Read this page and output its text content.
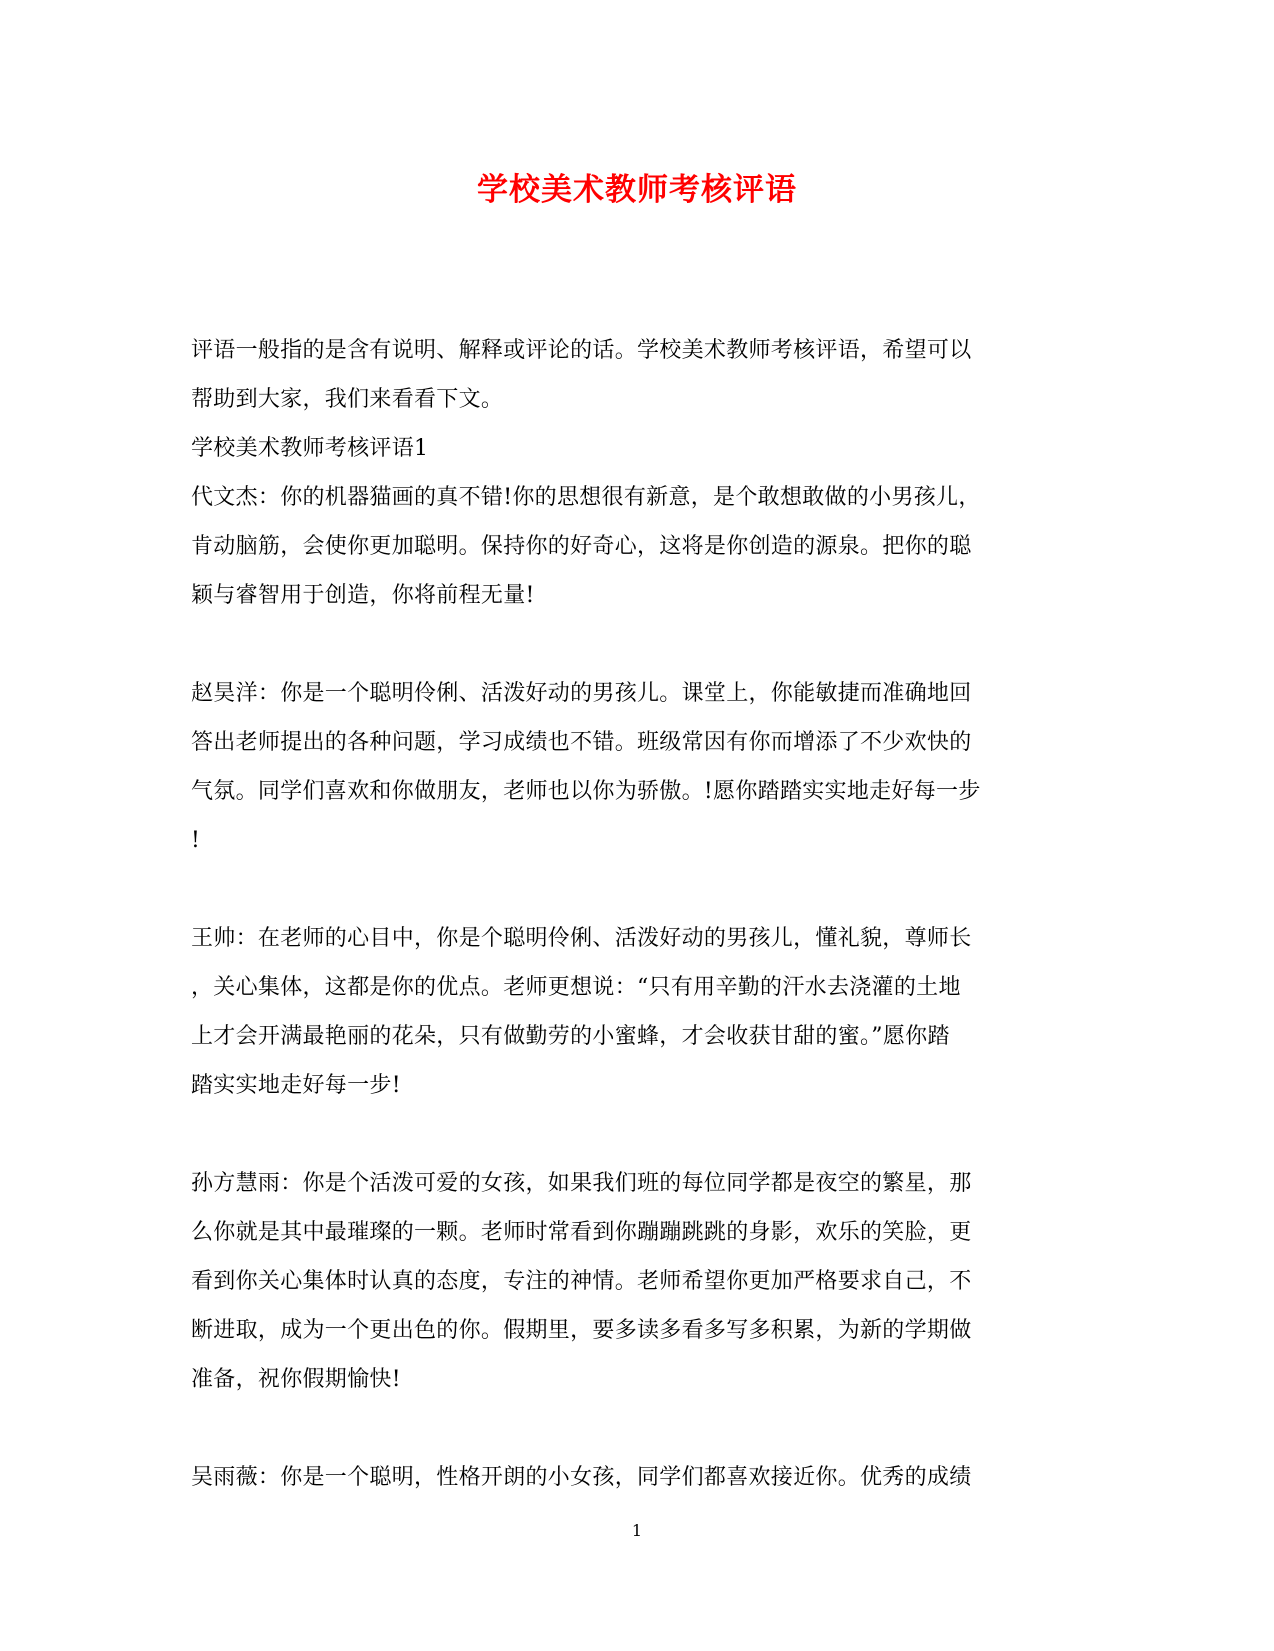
学校美术教师考核评语
评语一般指的是含有说明、解释或评论的话。学校美术教师考核评语，希望可以
帮助到大家，我们来看看下文。
学校美术教师考核评语1
代文杰：你的机器猫画的真不错!你的思想很有新意，是个敢想敢做的小男孩儿，
肯动脑筋，会使你更加聪明。保持你的好奇心，这将是你创造的源泉。把你的聪
颖与睿智用于创造，你将前程无量!
赵昊洋：你是一个聪明伶俐、活泼好动的男孩儿。课堂上，你能敏捷而准确地回
答出老师提出的各种问题，学习成绩也不错。班级常因有你而增添了不少欢快的
气氛。同学们喜欢和你做朋友，老师也以你为骄傲。!愿你踏踏实实地走好每一步
!
王帅：在老师的心目中，你是个聪明伶俐、活泼好动的男孩儿，懂礼貌，尊师长
，关心集体，这都是你的优点。老师更想说：“只有用辛勤的汗水去浇灌的土地
上才会开满最艳丽的花朵，只有做勤劳的小蜜蜂，才会收获甘甜的蜜。”愿你踏
踏实实地走好每一步!
孙方慧雨：你是个活泼可爱的女孩，如果我们班的每位同学都是夜空的繁星，那
么你就是其中最璀璨的一颗。老师时常看到你蹦蹦跳跳的身影，欢乐的笑脸，更
看到你关心集体时认真的态度，专注的神情。老师希望你更加严格要求自己，不
断进取，成为一个更出色的你。假期里，要多读多看多写多积累，为新的学期做
准备，祝你假期愉快!
吴雨薇：你是一个聪明，性格开朗的小女孩，同学们都喜欢接近你。优秀的成绩
1
